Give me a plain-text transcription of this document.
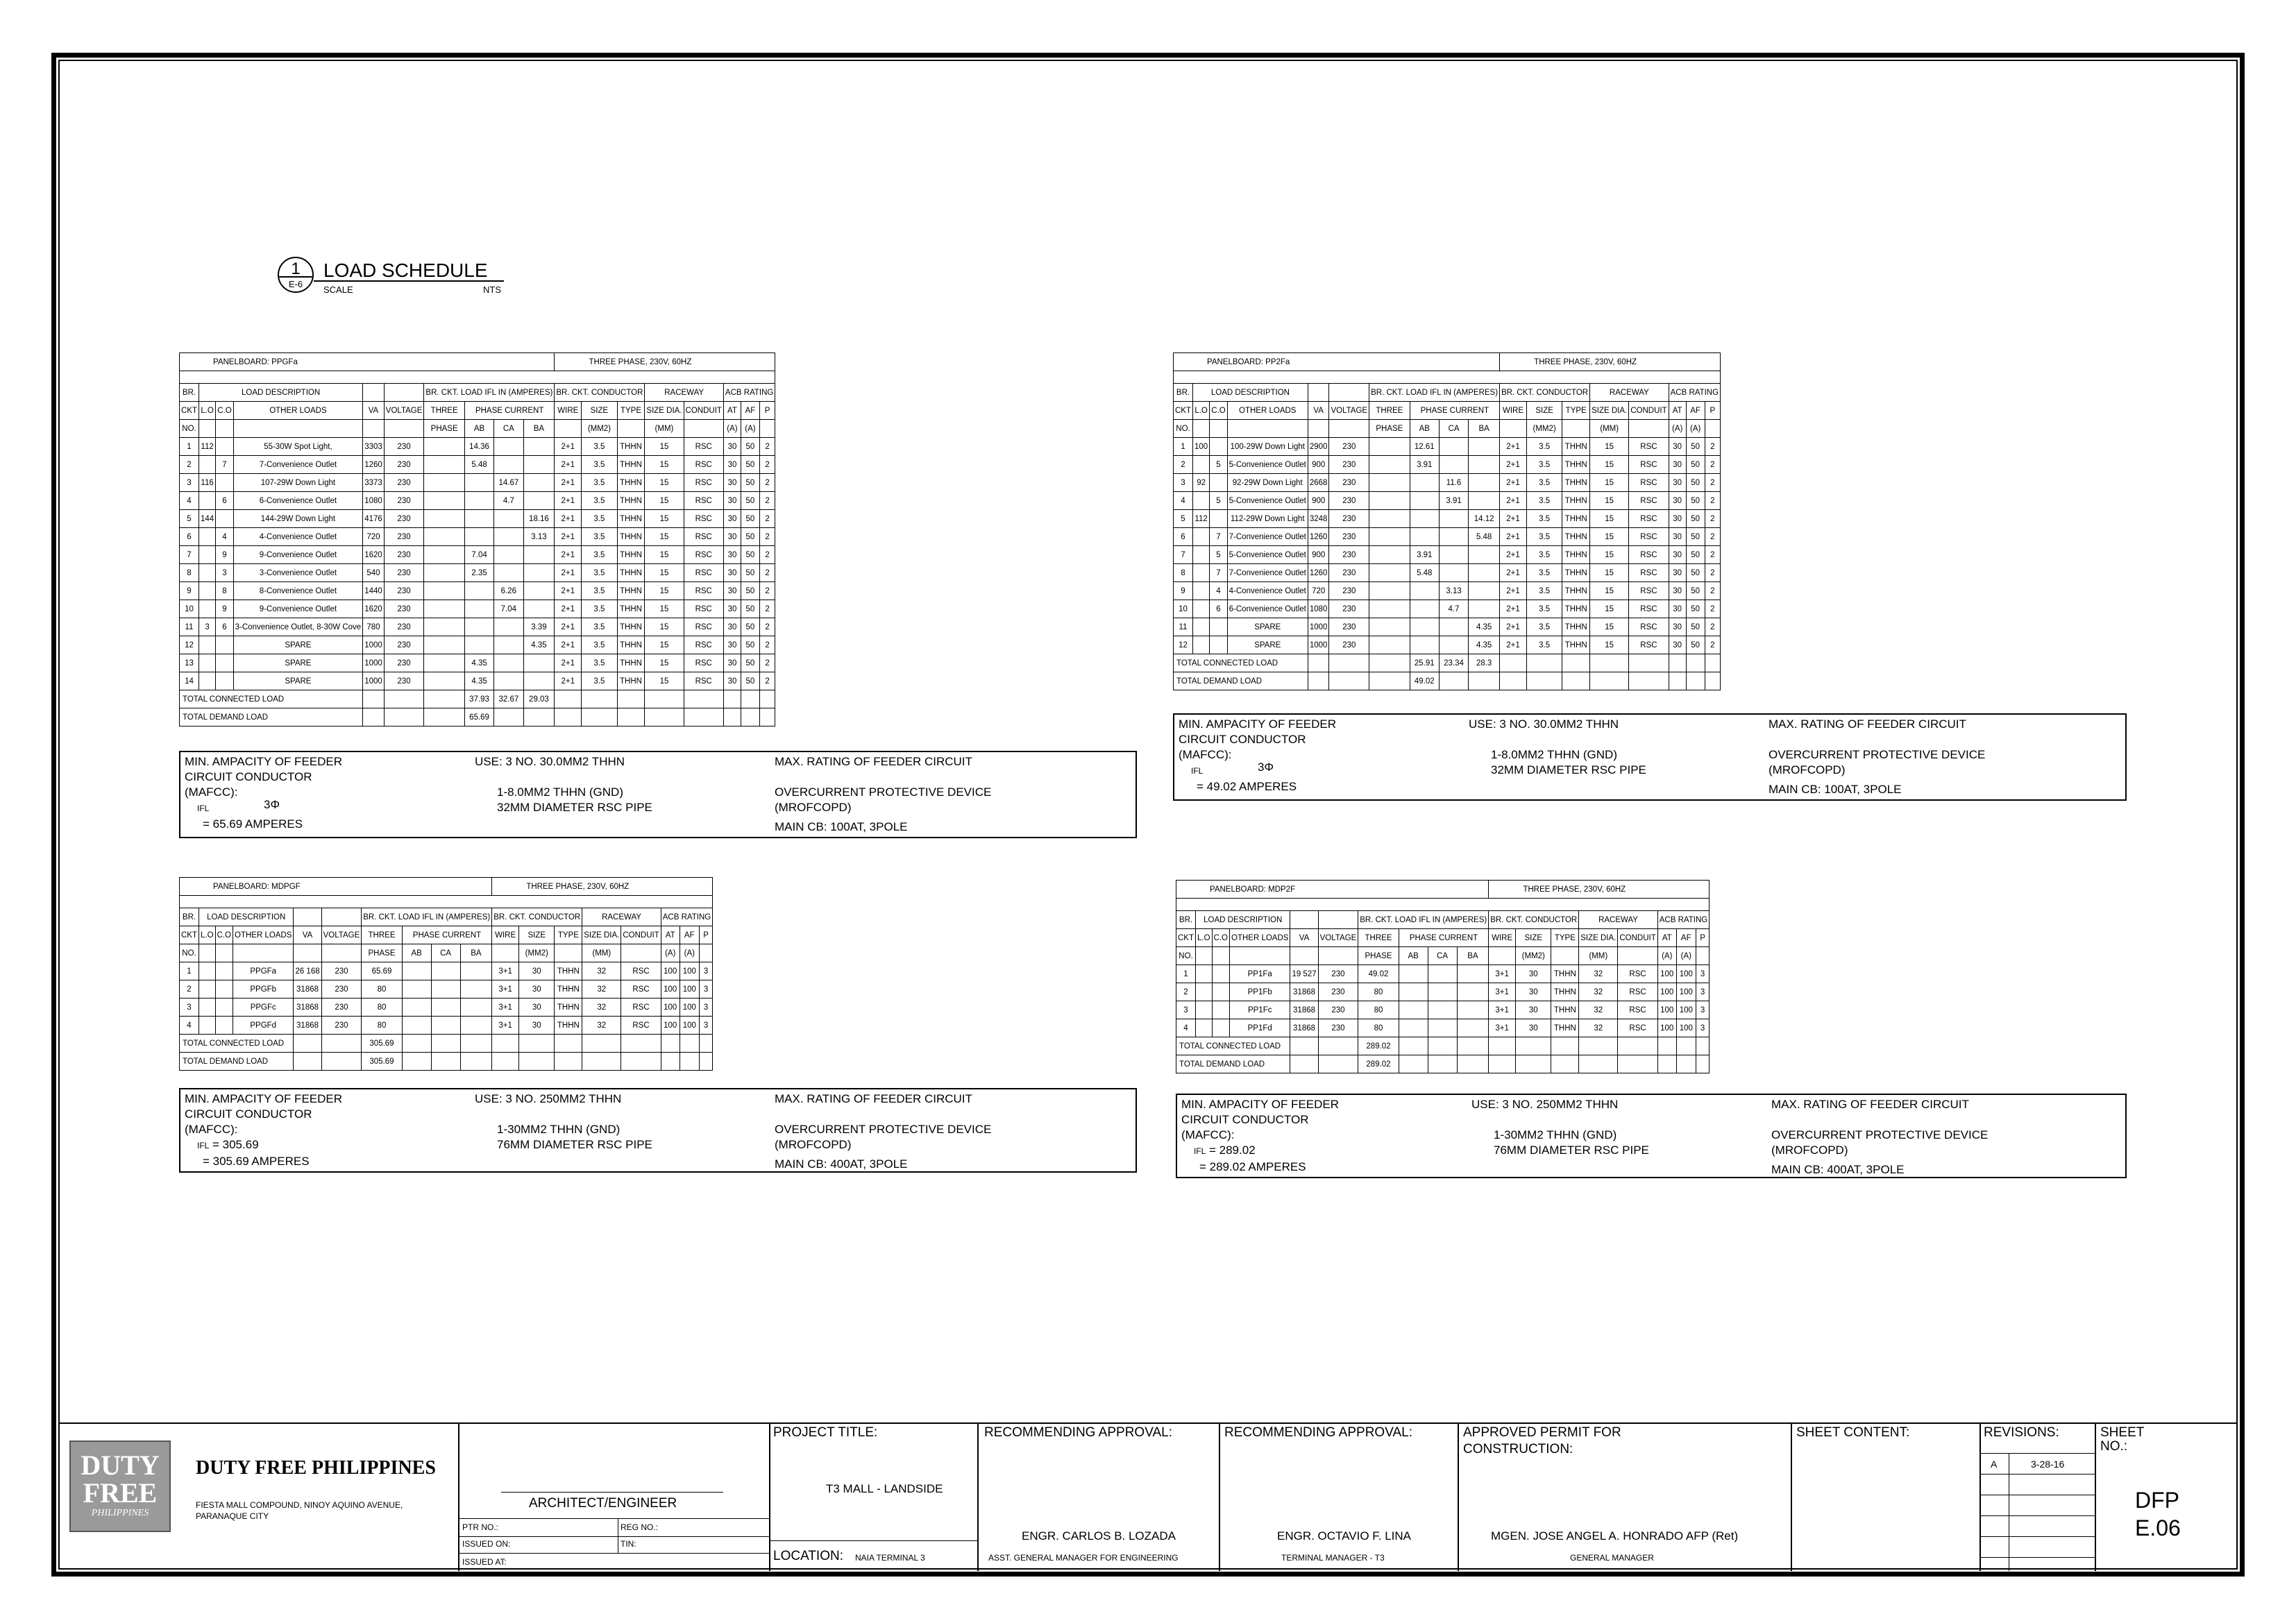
1
E-6
LOAD SCHEDULE
SCALE	NTS
PANELBOARD: PPGFa										THREE PHASE, 230V, 60HZ							

BR.	LOAD DESCRIPTION					BR. CKT. LOAD IFL IN (AMPERES)				BR. CKT. CONDUCTOR			RACEWAY		ACB RATING		
CKT	L.O	C.O	OTHER LOADS	VA	VOLTAGE	THREE	PHASE CURRENT			WIRE	SIZE	TYPE	SIZE DIA.	CONDUIT	AT	AF	P
NO.						PHASE	AB	CA	BA		(MM2)		(MM)		(A)	(A)	
1	112		55-30W Spot Light,	3303	230		14.36			2+1	3.5	THHN	15	RSC	30	50	2
2		7	7-Convenience Outlet	1260	230		5.48			2+1	3.5	THHN	15	RSC	30	50	2
3	116		107-29W Down Light	3373	230			14.67		2+1	3.5	THHN	15	RSC	30	50	2
4		6	6-Convenience Outlet	1080	230			4.7		2+1	3.5	THHN	15	RSC	30	50	2
5	144		144-29W Down Light	4176	230				18.16	2+1	3.5	THHN	15	RSC	30	50	2
6		4	4-Convenience Outlet	720	230				3.13	2+1	3.5	THHN	15	RSC	30	50	2
7		9	9-Convenience Outlet	1620	230		7.04			2+1	3.5	THHN	15	RSC	30	50	2
8		3	3-Convenience Outlet	540	230		2.35			2+1	3.5	THHN	15	RSC	30	50	2
9		8	8-Convenience Outlet	1440	230			6.26		2+1	3.5	THHN	15	RSC	30	50	2
10		9	9-Convenience Outlet	1620	230			7.04		2+1	3.5	THHN	15	RSC	30	50	2
11	3	6	3-Convenience Outlet, 8-30W Cove	780	230				3.39	2+1	3.5	THHN	15	RSC	30	50	2
12			SPARE	1000	230				4.35	2+1	3.5	THHN	15	RSC	30	50	2
13			SPARE	1000	230		4.35			2+1	3.5	THHN	15	RSC	30	50	2
14			SPARE	1000	230		4.35			2+1	3.5	THHN	15	RSC	30	50	2
TOTAL CONNECTED LOAD							37.93	32.67	29.03								
TOTAL DEMAND LOAD							65.69										
MIN. AMPACITY OF FEEDER
CIRCUIT CONDUCTOR
(MAFCC):
= 65.69 AMPERES
USE: 3 NO. 30.0MM2 THHN
1-8.0MM2 THHN (GND)
32MM DIAMETER RSC PIPE
MAX. RATING OF FEEDER CIRCUIT
OVERCURRENT PROTECTIVE DEVICE
(MROFCOPD)
MAIN CB: 100AT, 3POLE
IFL	3Φ
PANELBOARD: PP2Fa										THREE PHASE, 230V, 60HZ							

BR.	LOAD DESCRIPTION					BR. CKT. LOAD IFL IN (AMPERES)				BR. CKT. CONDUCTOR			RACEWAY		ACB RATING		
CKT	L.O	C.O	OTHER LOADS	VA	VOLTAGE	THREE	PHASE CURRENT			WIRE	SIZE	TYPE	SIZE DIA.	CONDUIT	AT	AF	P
NO.						PHASE	AB	CA	BA		(MM2)		(MM)		(A)	(A)	
1	100		100-29W Down Light	2900	230		12.61			2+1	3.5	THHN	15	RSC	30	50	2
2		5	5-Convenience Outlet	900	230		3.91			2+1	3.5	THHN	15	RSC	30	50	2
3	92		92-29W Down Light	2668	230			11.6		2+1	3.5	THHN	15	RSC	30	50	2
4		5	5-Convenience Outlet	900	230			3.91		2+1	3.5	THHN	15	RSC	30	50	2
5	112		112-29W Down Light	3248	230				14.12	2+1	3.5	THHN	15	RSC	30	50	2
6		7	7-Convenience Outlet	1260	230				5.48	2+1	3.5	THHN	15	RSC	30	50	2
7		5	5-Convenience Outlet	900	230		3.91			2+1	3.5	THHN	15	RSC	30	50	2
8		7	7-Convenience Outlet	1260	230		5.48			2+1	3.5	THHN	15	RSC	30	50	2
9		4	4-Convenience Outlet	720	230			3.13		2+1	3.5	THHN	15	RSC	30	50	2
10		6	6-Convenience Outlet	1080	230			4.7		2+1	3.5	THHN	15	RSC	30	50	2
11			SPARE	1000	230				4.35	2+1	3.5	THHN	15	RSC	30	50	2
12			SPARE	1000	230				4.35	2+1	3.5	THHN	15	RSC	30	50	2
TOTAL CONNECTED LOAD							25.91	23.34	28.3								
TOTAL DEMAND LOAD							49.02										
MIN. AMPACITY OF FEEDER
CIRCUIT CONDUCTOR
(MAFCC):
= 49.02 AMPERES
USE: 3 NO. 30.0MM2 THHN
1-8.0MM2 THHN (GND)
32MM DIAMETER RSC PIPE
MAX. RATING OF FEEDER CIRCUIT
OVERCURRENT PROTECTIVE DEVICE
(MROFCOPD)
MAIN CB: 100AT, 3POLE
IFL	3Φ
PANELBOARD: MDPGF										THREE PHASE, 230V, 60HZ							

BR.	LOAD DESCRIPTION					BR. CKT. LOAD IFL IN (AMPERES)				BR. CKT. CONDUCTOR			RACEWAY		ACB RATING		
CKT	L.O	C.O	OTHER LOADS	VA	VOLTAGE	THREE	PHASE CURRENT			WIRE	SIZE	TYPE	SIZE DIA.	CONDUIT	AT	AF	P
NO.						PHASE	AB	CA	BA		(MM2)		(MM)		(A)	(A)	
1			PPGFa	26 168	230	65.69				3+1	30	THHN	32	RSC	100	100	3
2			PPGFb	31868	230	80				3+1	30	THHN	32	RSC	100	100	3
3			PPGFc	31868	230	80				3+1	30	THHN	32	RSC	100	100	3
4			PPGFd	31868	230	80				3+1	30	THHN	32	RSC	100	100	3
TOTAL CONNECTED LOAD						305.69											
TOTAL DEMAND LOAD						305.69											
MIN. AMPACITY OF FEEDER
CIRCUIT CONDUCTOR
(MAFCC):
= 305.69 AMPERES
USE: 3 NO. 250MM2 THHN
1-30MM2 THHN (GND)
76MM DIAMETER RSC PIPE
MAX. RATING OF FEEDER CIRCUIT
OVERCURRENT PROTECTIVE DEVICE
(MROFCOPD)
MAIN CB: 400AT, 3POLE
IFL = 305.69
PANELBOARD: MDP2F										THREE PHASE, 230V, 60HZ							

BR.	LOAD DESCRIPTION					BR. CKT. LOAD IFL IN (AMPERES)				BR. CKT. CONDUCTOR			RACEWAY		ACB RATING		
CKT	L.O	C.O	OTHER LOADS	VA	VOLTAGE	THREE	PHASE CURRENT			WIRE	SIZE	TYPE	SIZE DIA.	CONDUIT	AT	AF	P
NO.						PHASE	AB	CA	BA		(MM2)		(MM)		(A)	(A)	
1			PP1Fa	19 527	230	49.02				3+1	30	THHN	32	RSC	100	100	3
2			PP1Fb	31868	230	80				3+1	30	THHN	32	RSC	100	100	3
3			PP1Fc	31868	230	80				3+1	30	THHN	32	RSC	100	100	3
4			PP1Fd	31868	230	80				3+1	30	THHN	32	RSC	100	100	3
TOTAL CONNECTED LOAD						289.02											
TOTAL DEMAND LOAD						289.02											
MIN. AMPACITY OF FEEDER
CIRCUIT CONDUCTOR
(MAFCC):
= 289.02 AMPERES
USE: 3 NO. 250MM2 THHN
1-30MM2 THHN (GND)
76MM DIAMETER RSC PIPE
MAX. RATING OF FEEDER CIRCUIT
OVERCURRENT PROTECTIVE DEVICE
(MROFCOPD)
MAIN CB: 400AT, 3POLE
IFL = 289.02
DUTY
FREE
PHILIPPINES
DUTY FREE PHILIPPINES
FIESTA MALL COMPOUND, NINOY AQUINO AVENUE,
PARANAQUE CITY
ARCHITECT/ENGINEER
PTR NO.:	REG NO.:
ISSUED ON:	TIN:
ISSUED AT:
PROJECT TITLE:
T3 MALL - LANDSIDE
LOCATION: NAIA TERMINAL 3
RECOMMENDING APPROVAL:
ENGR. CARLOS B. LOZADA
ASST. GENERAL MANAGER FOR ENGINEERING
RECOMMENDING APPROVAL:
ENGR. OCTAVIO F. LINA
TERMINAL MANAGER - T3
APPROVED PERMIT FOR
CONSTRUCTION:
MGEN. JOSE ANGEL A. HONRADO AFP (Ret)
GENERAL MANAGER
SHEET CONTENT:	REVISIONS:
A	3-28-16
SHEET
NO.:
DFP
E.06
